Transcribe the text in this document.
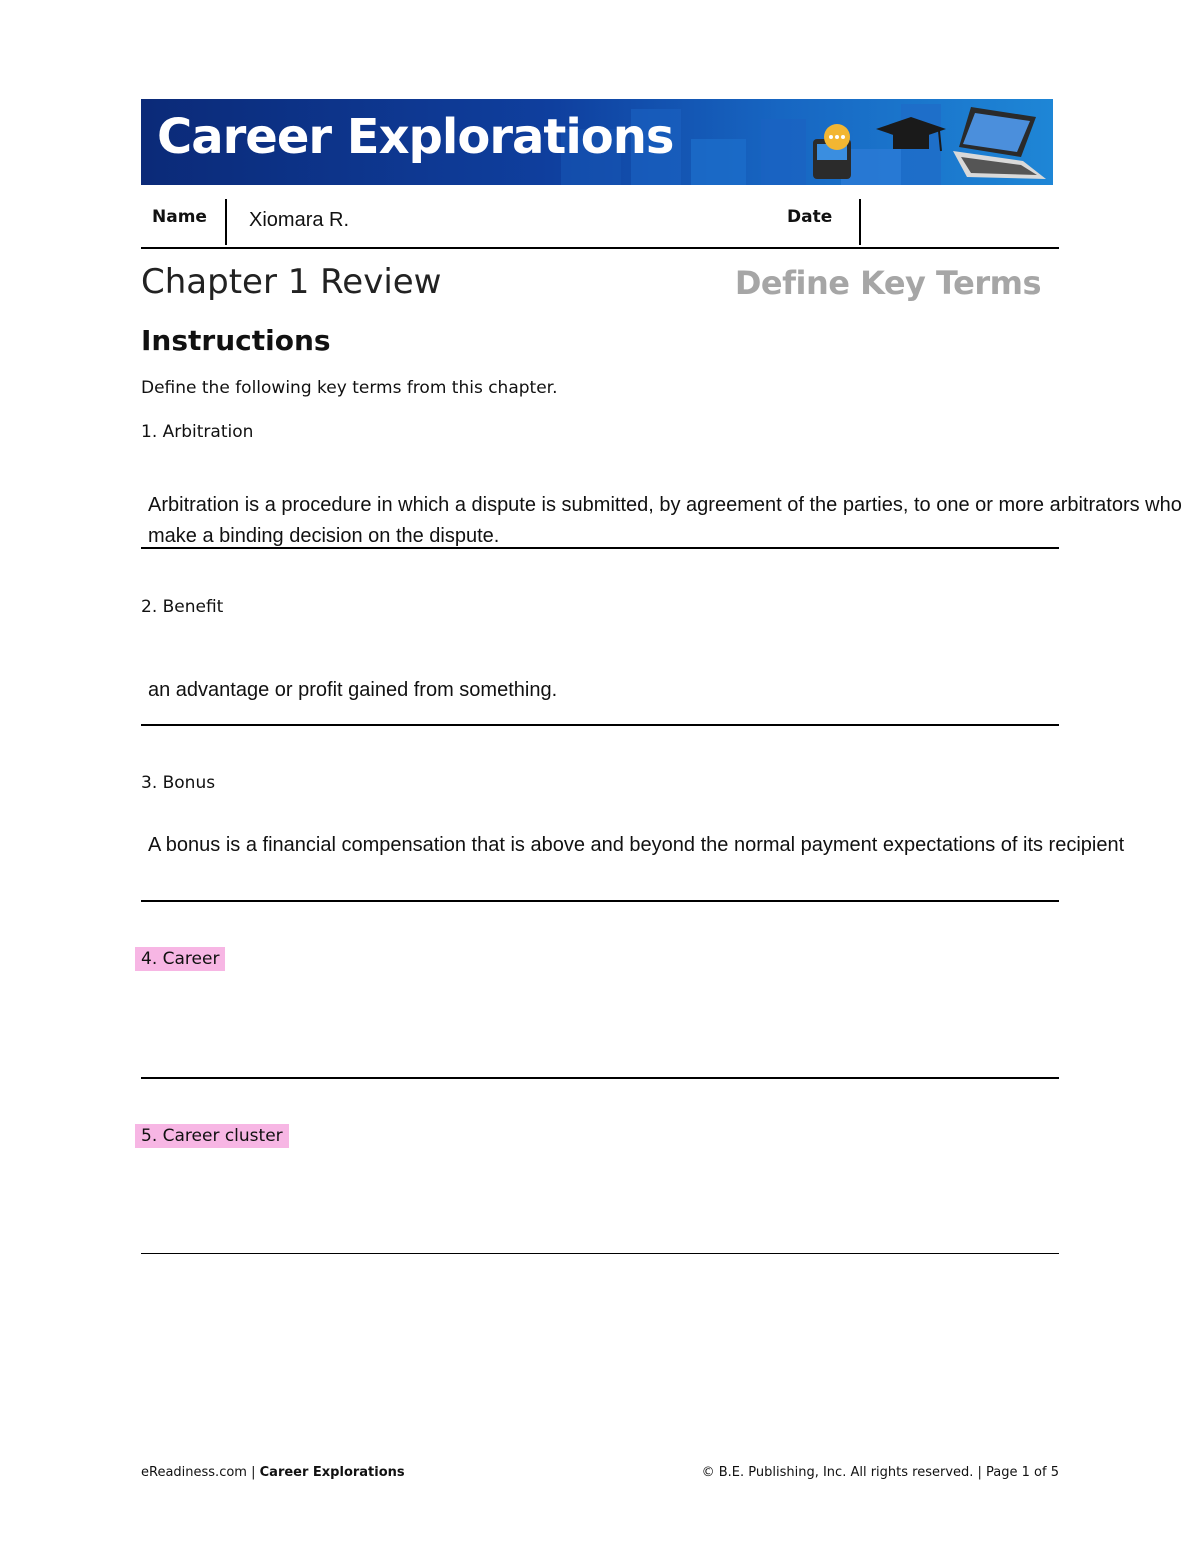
Career Explorations
Name Xiomara R.	Date
Chapter 1 Review	Define Key Terms
Instructions
Define the following key terms from this chapter.
1. Arbitration
Arbitration is a procedure in which a dispute is submitted, by agreement of the parties, to one or more arbitrators who make a binding decision on the dispute.
2. Benefit
an advantage or profit gained from something.
3. Bonus
A bonus is a financial compensation that is above and beyond the normal payment expectations of its recipient
4. Career
5. Career cluster
eReadiness.com | Career Explorations	© B.E. Publishing, Inc. All rights reserved. | Page 1 of 5
